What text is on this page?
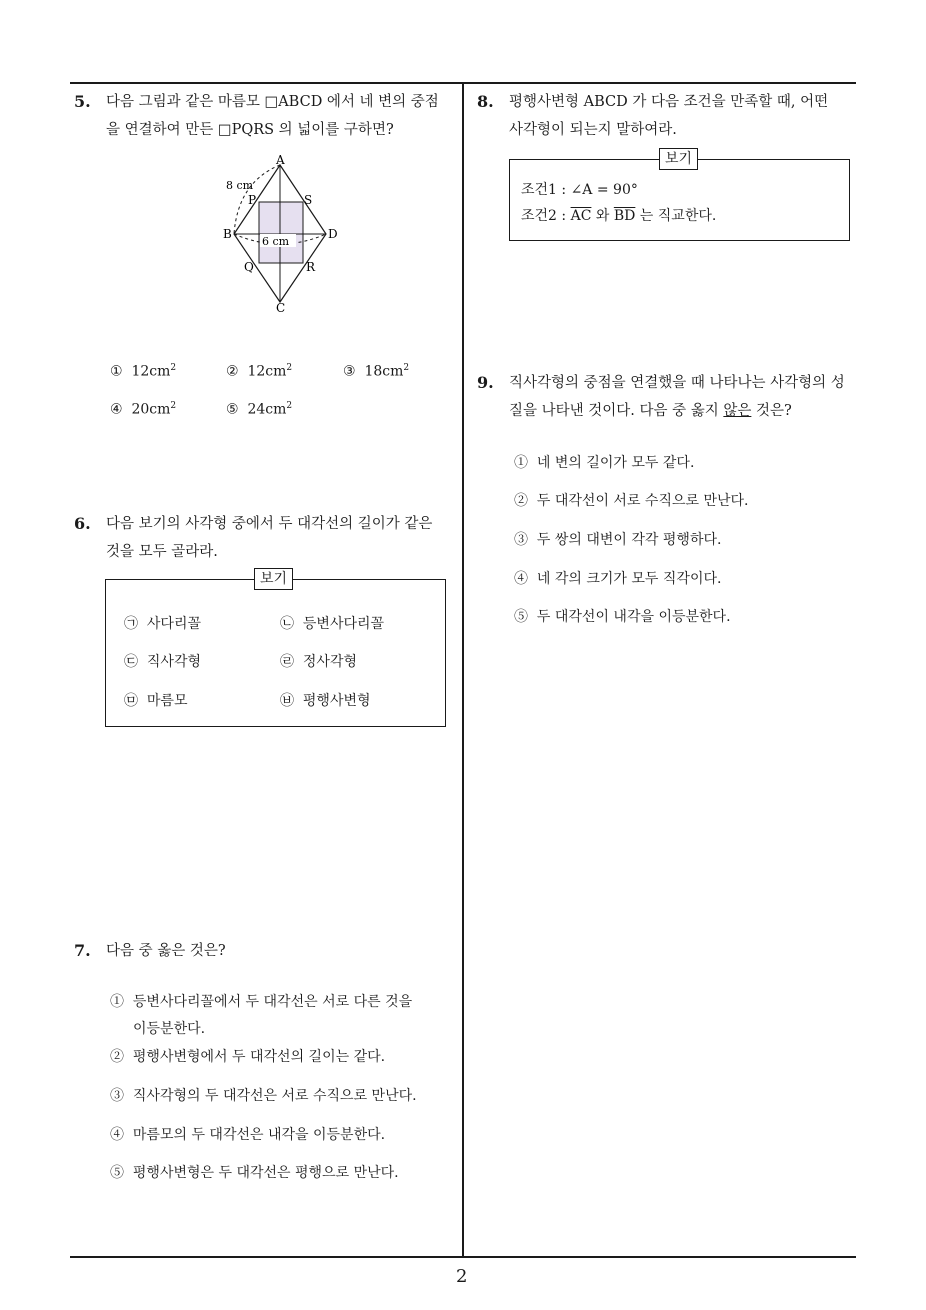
2
5. 다음 그림과 같은 마름모 □ABCD 에서 네 변의 중점
을 연결하여 만든 □PQRS 의 넓이를 구하면?
A
B
C
D
P	S
Q	R
8 cm
6 cm
① $12cm^2$	② $12cm^2$	③ $18cm^2$
④ $20cm^2$	⑤ $24cm^2$
6. 다음 보기의 사각형 중에서 두 대각선의 길이가 같은
것을 모두 골라라.
보기
㉠ 사다리꼴	㉡ 등변사다리꼴
㉢ 직사각형	㉣ 정사각형
㉤ 마름모	㉥ 평행사변형
7. 다음 중 옳은 것은?
① 등변사다리꼴에서 두 대각선은 서로 다른 것을
이등분한다.
② 평행사변형에서 두 대각선의 길이는 같다.
③ 직사각형의 두 대각선은 서로 수직으로 만난다.
④ 마름모의 두 대각선은 내각을 이등분한다.
⑤ 평행사변형은 두 대각선은 평행으로 만난다.
8. 평행사변형 ABCD 가 다음 조건을 만족할 때, 어떤
사각형이 되는지 말하여라.
보기
조건1 : ∠A = 90°
조건2 : $\overline{AC}$ 와 $\overline{BD}$ 는 직교한다.
9. 직사각형의 중점을 연결했을 때 나타나는 사각형의 성
질을 나타낸 것이다. 다음 중 옳지 않은 것은?
① 네 변의 길이가 모두 같다.
② 두 대각선이 서로 수직으로 만난다.
③ 두 쌍의 대변이 각각 평행하다.
④ 네 각의 크기가 모두 직각이다.
⑤ 두 대각선이 내각을 이등분한다.
